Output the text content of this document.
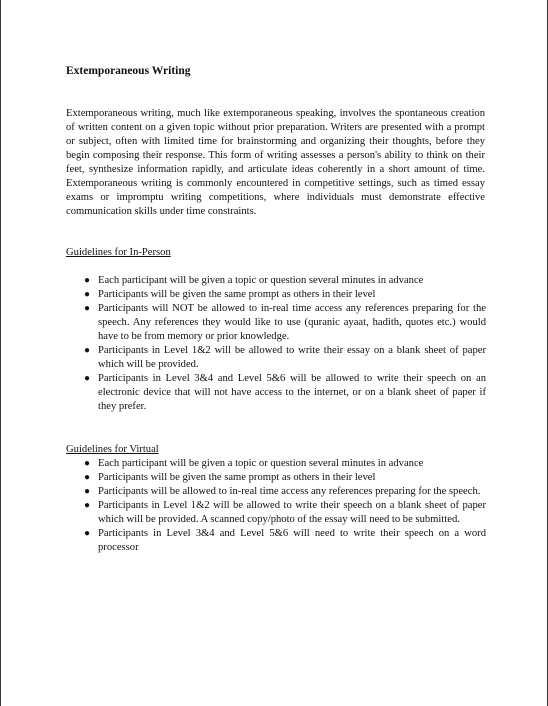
Extemporaneous Writing

Extemporaneous writing, much like extemporaneous speaking, involves the spontaneous creation of written content on a given topic without prior preparation. Writers are presented with a prompt or subject, often with limited time for brainstorming and organizing their thoughts, before they begin composing their response. This form of writing assesses a person's ability to think on their feet, synthesize information rapidly, and articulate ideas coherently in a short amount of time. Extemporaneous writing is commonly encountered in competitive settings, such as timed essay exams or impromptu writing competitions, where individuals must demonstrate effective communication skills under time constraints.

Guidelines for In-Person

● Each participant will be given a topic or question several minutes in advance
● Participants will be given the same prompt as others in their level
● Participants will NOT be allowed to in-real time access any references preparing for the speech. Any references they would like to use (quranic ayaat, hadith, quotes etc.) would have to be from memory or prior knowledge.
● Participants in Level 1&2 will be allowed to write their essay on a blank sheet of paper which will be provided.
● Participants in Level 3&4 and Level 5&6 will be allowed to write their speech on an electronic device that will not have access to the internet, or on a blank sheet of paper if they prefer.

Guidelines for Virtual

● Each participant will be given a topic or question several minutes in advance
● Participants will be given the same prompt as others in their level
● Participants will be allowed to in-real time access any references preparing for the speech.
● Participants in Level 1&2 will be allowed to write their speech on a blank sheet of paper which will be provided. A scanned copy/photo of the essay will need to be submitted.
● Participants in Level 3&4 and Level 5&6 will need to write their speech on a word processor
